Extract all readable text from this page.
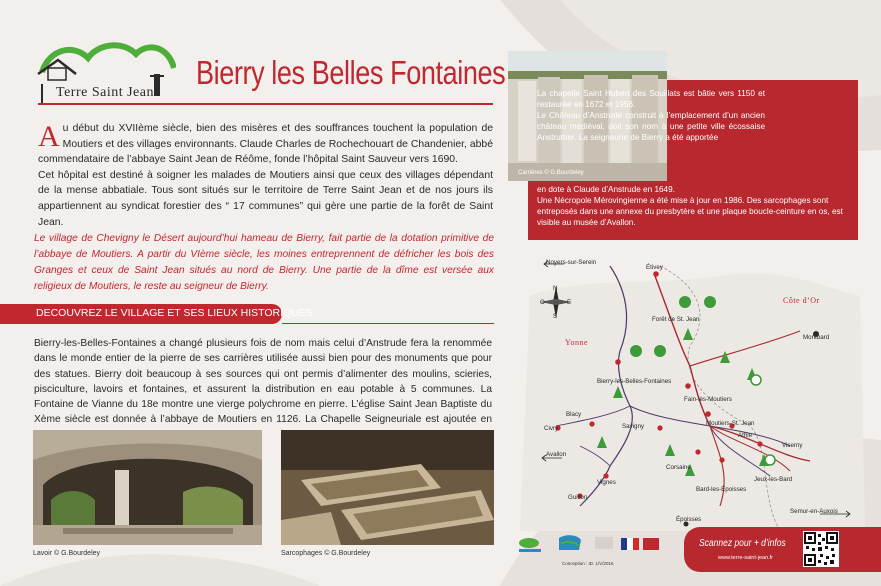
Terre Saint Jean
Bierry les Belles Fontaines

Au début du XVIIème siècle, bien des misères et des souffrances touchent la population de Moutiers et des villages environnants. Claude Charles de Rochechouart de Chandenier, abbé commendataire de l’abbaye Saint Jean de Réôme, fonde l’hôpital Saint Sauveur vers 1690.

Cet hôpital est destiné à soigner les malades de Moutiers ainsi que ceux des villages dépendant de la mense abbatiale. Tous sont situés sur le territoire de Terre Saint Jean et de nos jours ils appartiennent au syndicat forestier des “ 17 communes” qui gère une partie de la forêt de Saint Jean.

Le village de Chevigny le Désert aujourd’hui hameau de Bierry, fait partie de la dotation primitive de l’abbaye de Moutiers. A partir du VIème siècle, les moines entreprennent de défricher les bois des Granges et ceux de Saint Jean situés au nord de Bierry. Une partie de la dîme est versée aux religieux de Moutiers, le reste au seigneur de Bierry.
DECOUVREZ LE VILLAGE ET SES LIEUX HISTORIQUES
Bierry-les-Belles-Fontaines a changé plusieurs fois de nom mais celui d’Anstrude fera la renommée dans le monde entier de la pierre de ses carrières utilisée aussi bien pour des monuments que pour des statues. Bierry doit beaucoup à ses sources qui ont permis d’alimenter des moulins, scieries, pisciculture, lavoirs et fontaines, et assurent la distribution en eau potable à 5 communes. La Fontaine de Vianne du 18e montre une vierge polychrome en pierre. L’église Saint Jean Baptiste du Xème siècle est donnée à l’abbaye de Moutiers en 1126. La Chapelle Seigneuriale est ajoutée en
Lavoir © G.Bourdeley	Sarcophages © G.Bourdeley
Carrières © G.Bourdeley

La chapelle Saint Hubert des Souillats est bâtie vers 1150 et restaurée en 1672 et 1956.

Le Château d’Anstrude construit à l’emplacement d’un ancien château médiéval, doit son nom à une petite ville écossaise Anstruther. La seigneurie de Bierry a été apportée

en dote à Claude d’Anstrude en 1649.

Une Nécropole Mérovingienne a été mise à jour en 1986. Des sarcophages sont entreposés dans une annexe du presbytère et une plaque boucle-ceinture en os, est visible au musée d’Avallon.

Noyers-sur-Serein
Étivey
Côte d’Or
Yonne
Forêt de St. Jean
Montbard
N
S
O	E
Bierry-les-Belles-Fontaines
Fain-lès-Moutiers
Moutiers-St. Jean
Athie
Viserny
Blacy
Civry	Savigny
Avallon
Corsaine
Jeux-les-Bard
Bard-les-Époisses
Vignes
Guillon
Semur-en-Auxois
Époisses
Conception : ID. 1/V/2016
Scannez pour + d’infos
www.terre-saint-jean.fr
